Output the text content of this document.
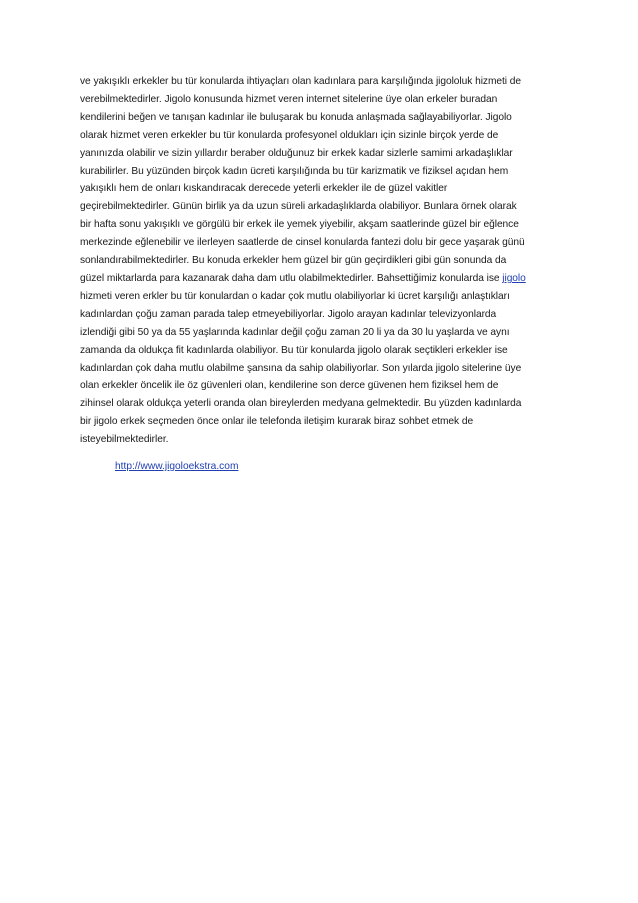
ve yakışıklı erkekler bu tür konularda ihtiyaçları olan kadınlara para karşılığında jigololuk hizmeti de
verebilmektedirler. Jigolo konusunda hizmet veren internet sitelerine üye olan erkeler buradan
kendilerini beğen ve tanışan kadınlar ile buluşarak bu konuda anlaşmada sağlayabiliyorlar. Jigolo
olarak hizmet veren erkekler bu tür konularda profesyonel oldukları için sizinle birçok yerde de
yanınızda olabilir ve sizin yıllardır beraber olduğunuz bir erkek kadar sizlerle samimi arkadaşlıklar
kurabilirler. Bu yüzünden birçok kadın ücreti karşılığında bu tür karizmatik ve fiziksel açıdan hem
yakışıklı hem de onları kıskandıracak derecede yeterli erkekler ile de güzel vakitler
geçirebilmektedirler. Günün birlik ya da uzun süreli arkadaşlıklarda olabiliyor. Bunlara örnek olarak
bir hafta sonu yakışıklı ve görgülü bir erkek ile yemek yiyebilir, akşam saatlerinde güzel bir eğlence
merkezinde eğlenebilir ve ilerleyen saatlerde de cinsel konularda fantezi dolu bir gece yaşarak günü
sonlandırabilmektedirler. Bu konuda erkekler hem güzel bir gün geçirdikleri gibi gün sonunda da
güzel miktarlarda para kazanarak daha dam utlu olabilmektedirler. Bahsettiğimiz konularda ise jigolo
hizmeti veren erkler bu tür konulardan o kadar çok mutlu olabiliyorlar ki ücret karşılığı anlaştıkları
kadınlardan çoğu zaman parada talep etmeyebiliyorlar. Jigolo arayan kadınlar televizyonlarda
izlendiği gibi 50 ya da 55 yaşlarında kadınlar değil çoğu zaman 20 li ya da 30 lu yaşlarda ve aynı
zamanda da oldukça fit kadınlarda olabiliyor. Bu tür konularda jigolo olarak seçtikleri erkekler ise
kadınlardan çok daha mutlu olabilme şansına da sahip olabiliyorlar. Son yılarda jigolo sitelerine üye
olan erkekler öncelik ile öz güvenleri olan, kendilerine son derce güvenen hem fiziksel hem de
zihinsel olarak oldukça yeterli oranda olan bireylerden medyana gelmektedir. Bu yüzden kadınlarda
bir jigolo erkek seçmeden önce onlar ile telefonda iletişim kurarak biraz sohbet etmek de
isteyebilmektedirler.

http://www.jigoloekstra.com
